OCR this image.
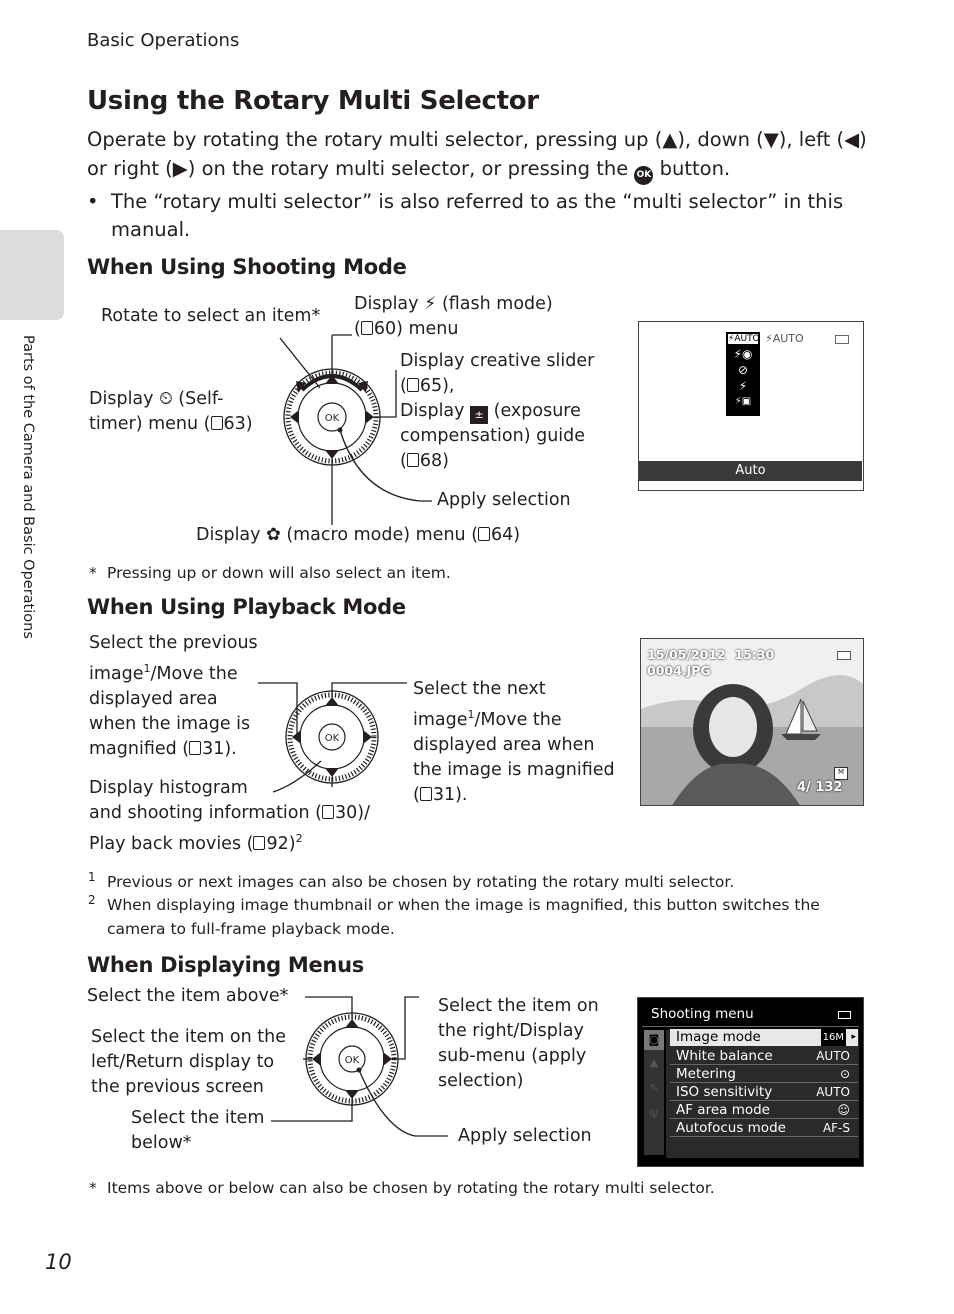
Parts of the Camera and Basic Operations
Basic Operations
Using the Rotary Multi Selector
Operate by rotating the rotary multi selector, pressing up (▲), down (▼), left (◀)
or right (▶) on the rotary multi selector, or pressing the OK button.
• The “rotary multi selector” is also referred to as the “multi selector” in this
manual.
When Using Shooting Mode
Rotate to select an item*
Display ⚡ (flash mode)
( 60) menu
Display creative slider
( 65),
Display ± (exposure
compensation) guide
( 68)
Display ⏲ (Self-
timer) menu ( 63)
Apply selection
Display ✿ (macro mode) menu ( 64)
OK
⚡AUTO
⚡◉
⊘
⚡
⚡▣
⚡AUTO
Auto
* Pressing up or down will also select an item.
When Using Playback Mode
Select the previous
image$^1$/Move the
displayed area
when the image is
magnified ( 31).
Select the next
image$^1$/Move the
displayed area when
the image is magnified
( 31).
Display histogram
and shooting information ( 30)/
Play back movies ( 92)$^2$
OK
15/05/2012  15:30
0004.JPG
M
4/ 132
1 Previous or next images can also be chosen by rotating the rotary multi selector.
2 When displaying image thumbnail or when the image is magnified, this button switches the
camera to full-frame playback mode.
When Displaying Menus
Select the item above*
Select the item on the
left/Return display to
the previous screen
Select the item
below*
Select the item on
the right/Display
sub-menu (apply
selection)
Apply selection
OK
Shooting menu
◙
▲
✎
Ψ
Image mode	16M ▸
White balance	AUTO
Metering	⊙
ISO sensitivity	AUTO
AF area mode	☺
Autofocus mode	AF-S
* Items above or below can also be chosen by rotating the rotary multi selector.
10
